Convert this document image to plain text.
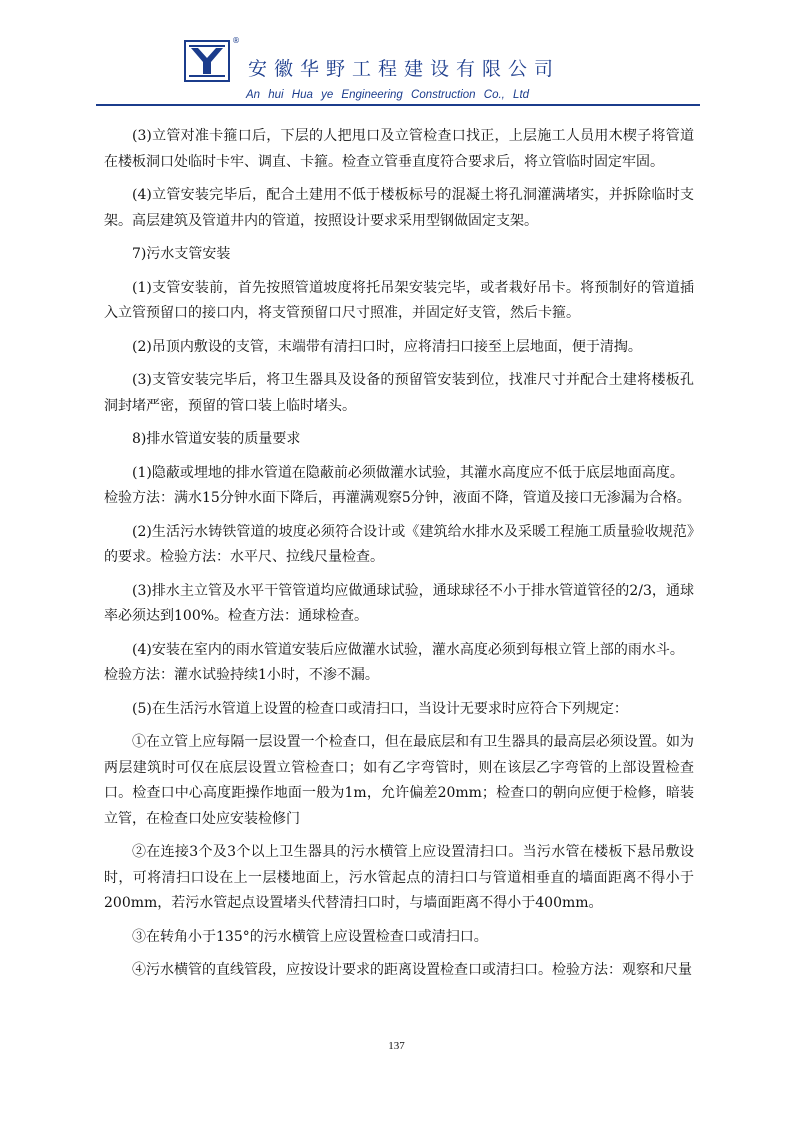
®
安徽华野工程建设有限公司
An hui Hua ye Engineering Construction Co., Ltd

(3)立管对准卡箍口后，下层的人把甩口及立管检查口找正，上层施工人员用木楔子将管道在楼板洞口处临时卡牢、调直、卡箍。检查立管垂直度符合要求后，将立管临时固定牢固。

(4)立管安装完毕后，配合土建用不低于楼板标号的混凝土将孔洞灌满堵实，并拆除临时支架。高层建筑及管道井内的管道，按照设计要求采用型钢做固定支架。

7)污水支管安装

(1)支管安装前，首先按照管道坡度将托吊架安装完毕，或者栽好吊卡。将预制好的管道插入立管预留口的接口内，将支管预留口尺寸照准，并固定好支管，然后卡箍。

(2)吊顶内敷设的支管，末端带有清扫口时，应将清扫口接至上层地面，便于清掏。

(3)支管安装完毕后，将卫生器具及设备的预留管安装到位，找准尺寸并配合土建将楼板孔洞封堵严密，预留的管口装上临时堵头。

8)排水管道安装的质量要求

(1)隐蔽或埋地的排水管道在隐蔽前必须做灌水试验，其灌水高度应不低于底层地面高度。

检验方法：满水15分钟水面下降后，再灌满观察5分钟，液面不降，管道及接口无渗漏为合格。

(2)生活污水铸铁管道的坡度必须符合设计或《建筑给水排水及采暖工程施工质量验收规范》的要求。检验方法：水平尺、拉线尺量检查。

(3)排水主立管及水平干管管道均应做通球试验，通球球径不小于排水管道管径的2/3，通球率必须达到100%。检查方法：通球检查。

(4)安装在室内的雨水管道安装后应做灌水试验，灌水高度必须到每根立管上部的雨水斗。

检验方法：灌水试验持续1小时，不渗不漏。

(5)在生活污水管道上设置的检查口或清扫口，当设计无要求时应符合下列规定：

①在立管上应每隔一层设置一个检查口，但在最底层和有卫生器具的最高层必须设置。如为两层建筑时可仅在底层设置立管检查口；如有乙字弯管时，则在该层乙字弯管的上部设置检查口。检查口中心高度距操作地面一般为1m，允许偏差20mm；检查口的朝向应便于检修，暗装立管，在检查口处应安装检修门

②在连接3个及3个以上卫生器具的污水横管上应设置清扫口。当污水管在楼板下悬吊敷设时，可将清扫口设在上一层楼地面上，污水管起点的清扫口与管道相垂直的墙面距离不得小于200mm，若污水管起点设置堵头代替清扫口时，与墙面距离不得小于400mm。

③在转角小于135°的污水横管上应设置检查口或清扫口。

④污水横管的直线管段，应按设计要求的距离设置检查口或清扫口。检验方法：观察和尺量

137
